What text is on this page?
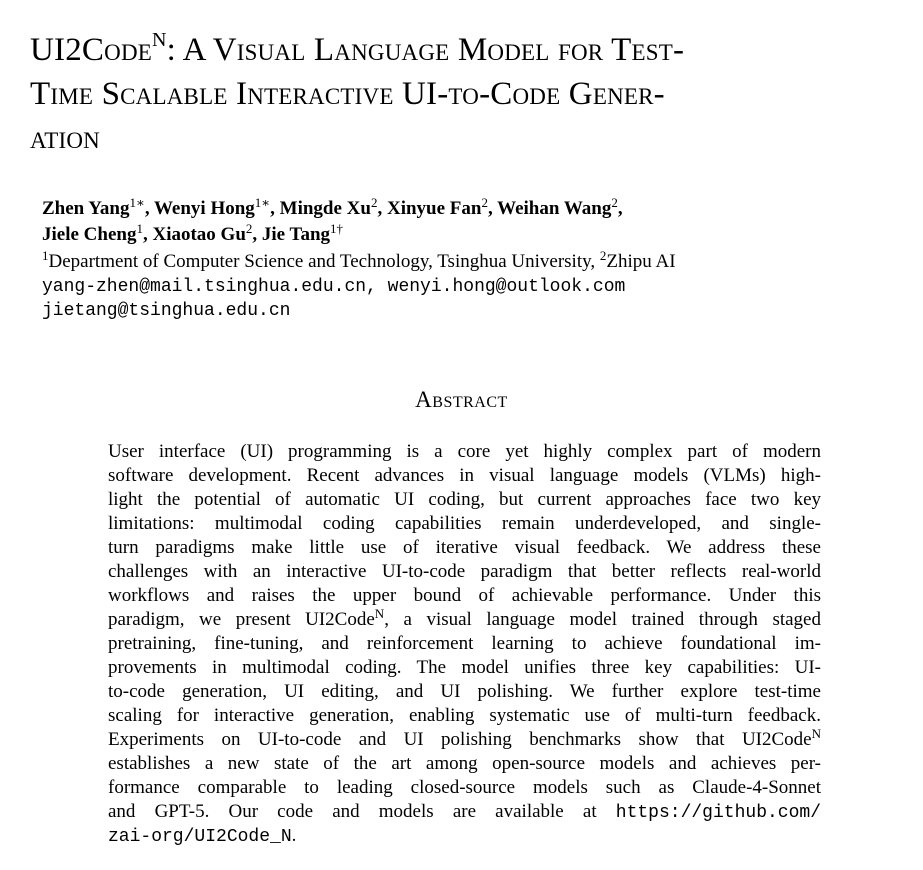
UI2Code$^N$: A Visual Language Model for Test-
Time Scalable Interactive UI-to-Code Gener-
ation
Zhen Yang$^{1∗}$, Wenyi Hong$^{1∗}$, Mingde Xu$^2$, Xinyue Fan$^2$, Weihan Wang$^2$,
Jiele Cheng$^1$, Xiaotao Gu$^2$, Jie Tang$^{1\dagger}$
$^1$Department of Computer Science and Technology, Tsinghua University, $^2$Zhipu AI
yang-zhen@mail.tsinghua.edu.cn, wenyi.hong@outlook.com
jietang@tsinghua.edu.cn
Abstract
User interface (UI) programming is a core yet highly complex part of modern
software development. Recent advances in visual language models (VLMs) high-
light the potential of automatic UI coding, but current approaches face two key
limitations: multimodal coding capabilities remain underdeveloped, and single-
turn paradigms make little use of iterative visual feedback. We address these
challenges with an interactive UI-to-code paradigm that better reflects real-world
workflows and raises the upper bound of achievable performance. Under this
paradigm, we present UI2Code$^N$, a visual language model trained through staged
pretraining, fine-tuning, and reinforcement learning to achieve foundational im-
provements in multimodal coding. The model unifies three key capabilities: UI-
to-code generation, UI editing, and UI polishing. We further explore test-time
scaling for interactive generation, enabling systematic use of multi-turn feedback.
Experiments on UI-to-code and UI polishing benchmarks show that UI2Code$^N$
establishes a new state of the art among open-source models and achieves per-
formance comparable to leading closed-source models such as Claude-4-Sonnet
and GPT-5. Our code and models are available at https://github.com/
zai-org/UI2Code_N.
